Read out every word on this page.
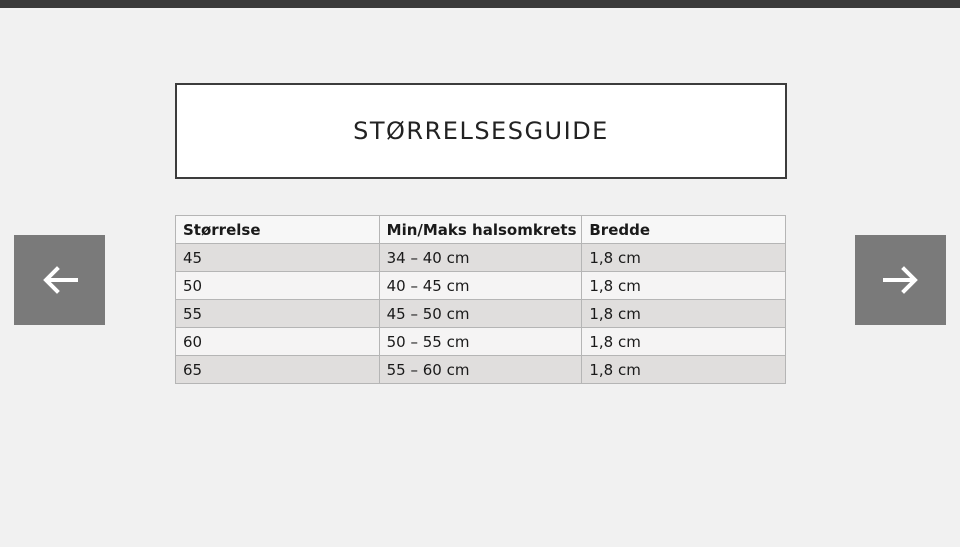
STØRRELSESGUIDE
Størrelse	Min/Maks halsomkrets	Bredde
45	34 – 40 cm	1,8 cm
50	40 – 45 cm	1,8 cm
55	45 – 50 cm	1,8 cm
60	50 – 55 cm	1,8 cm
65	55 – 60 cm	1,8 cm
